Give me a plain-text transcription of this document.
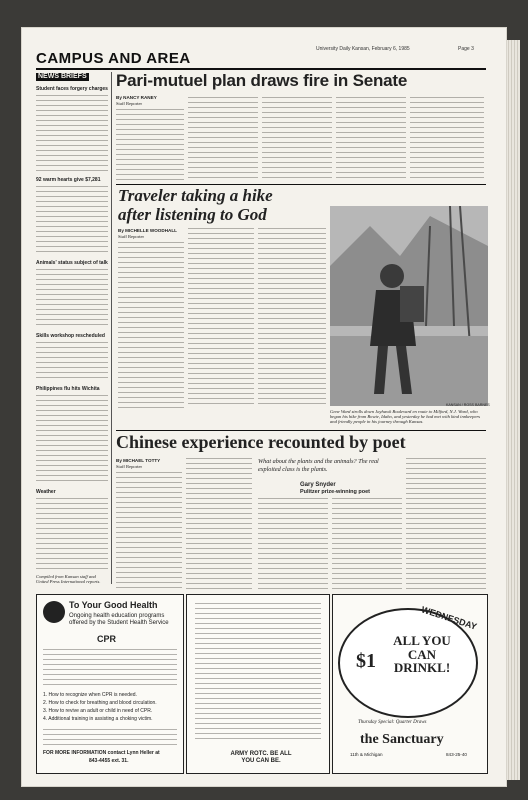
University Daily Kansan, February 6, 1985	Page 3
CAMPUS AND AREA
NEWS BRIEFS
Student faces forgery charges
92 warm hearts give $7,281
Animals' status subject of talk
Skills workshop rescheduled
Philippines flu hits Wichita
Weather
Compiled from Kansan staff and United Press International reports.
Pari-mutuel plan draws fire in Senate
By NANCY RANEY
Staff Reporter
Traveler taking a hike
after listening to God
By MICHELLE WOODHALL
Staff Reporter
Gene Ward strolls down Jayhawk Boulevard en route to Milford, N.J. Ward, who began his hike from Bowie, Idaho, and yesterday he had met with kind innkeepers and friendly people in his journey through Kansas.
KANSAN / ROSS BARNES
Chinese experience recounted by poet
By MICHAEL TOTTY
Staff Reporter
What about the plants and the animals? The real exploited class is the plants.
Gary Snyder
Pulitzer prize-winning poet
To Your Good Health
Ongoing health education programs offered by the Student Health Service
CPR
1. How to recognize when CPR is needed.
2. How to check for breathing and blood circulation.
3. How to revive an adult or child in need of CPR.
4. Additional training in assisting a choking victim.
FOR MORE INFORMATION contact Lynn Heller at
843-4455 ext. 31.
ARMY ROTC. BE ALL YOU CAN BE.
WEDNESDAY
ALL YOU CAN DRINKL!
$1
Thursday Special: Quarter Draws
the Sanctuary
11th & Michigan	843-25-40
